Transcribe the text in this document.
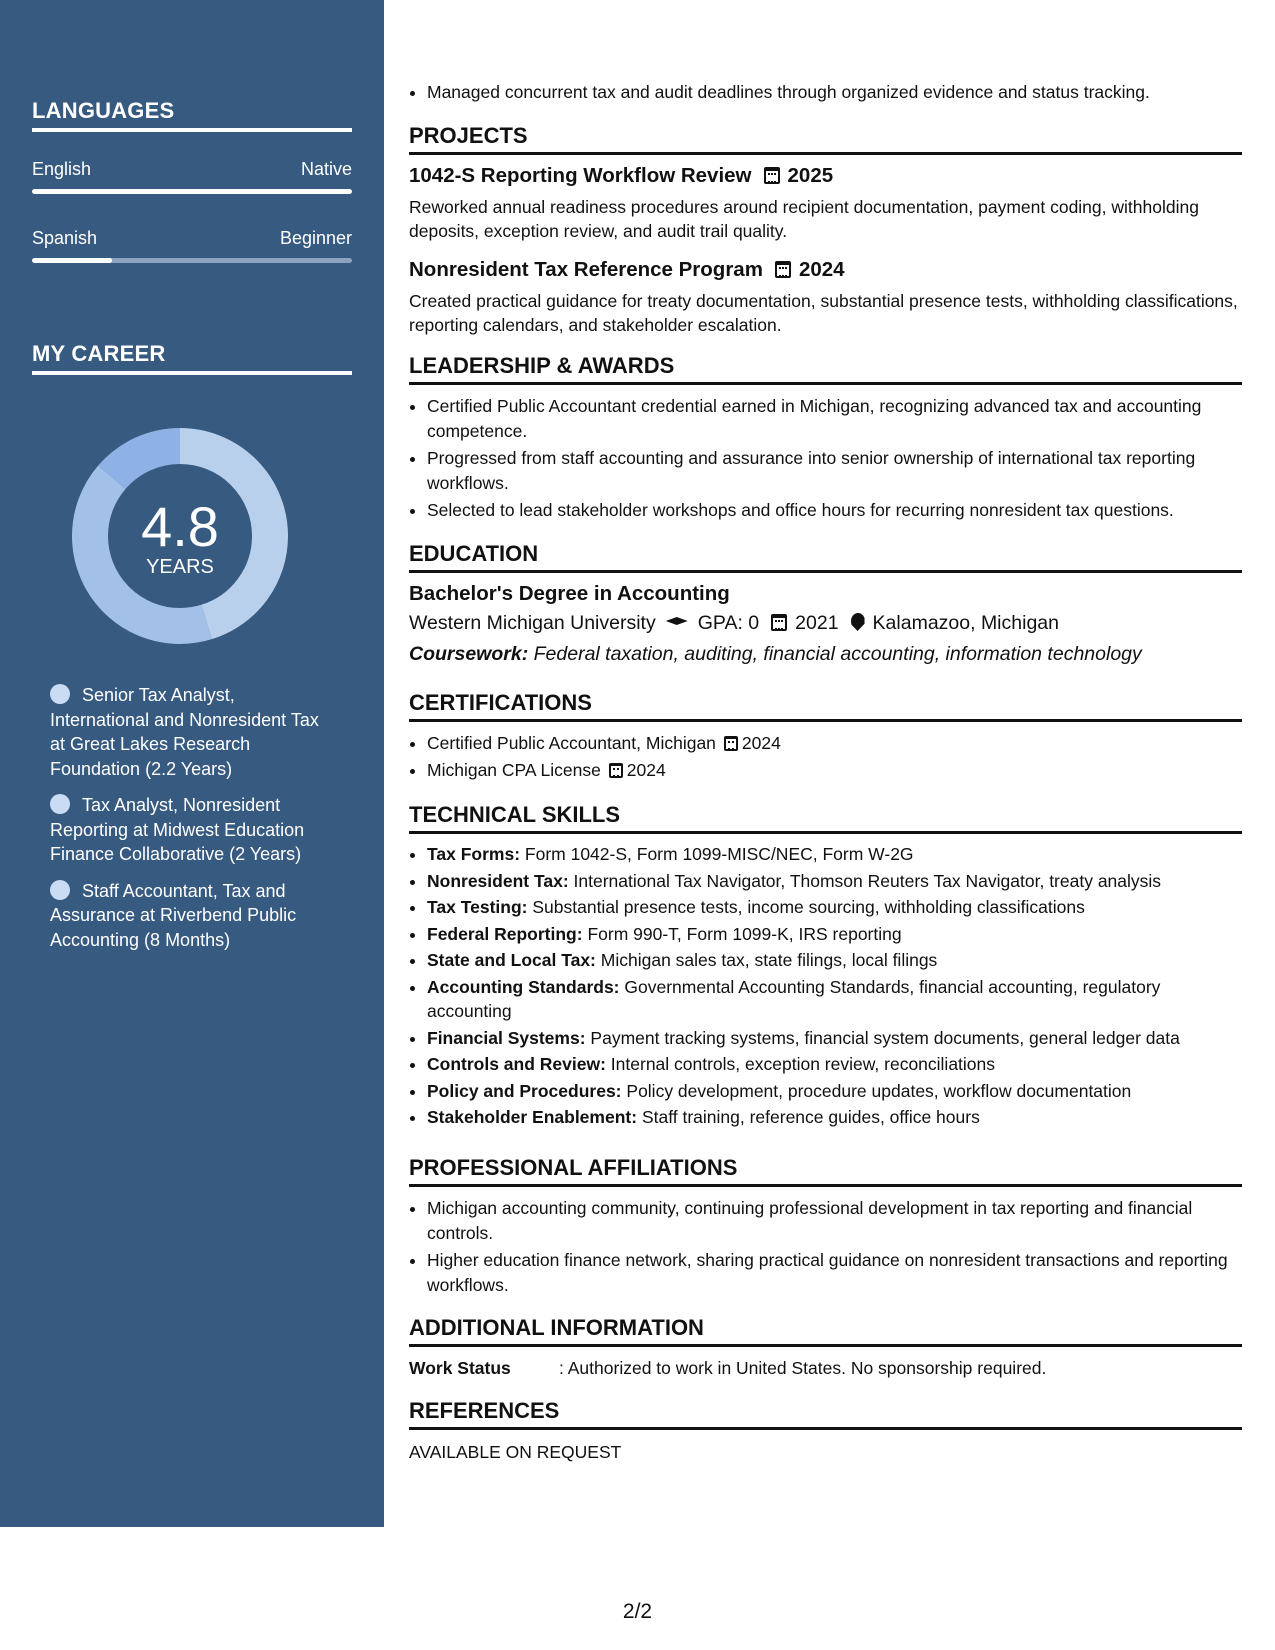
LANGUAGES
English	Native
Spanish	Beginner
MY CAREER
4.8
YEARS
Senior Tax Analyst, International and Nonresident Tax at Great Lakes Research Foundation (2.2 Years)
Tax Analyst, Nonresident Reporting at Midwest Education Finance Collaborative (2 Years)
Staff Accountant, Tax and Assurance at Riverbend Public Accounting (8 Months)
• Managed concurrent tax and audit deadlines through organized evidence and status tracking.
PROJECTS
1042-S Reporting Workflow Review 2025
Reworked annual readiness procedures around recipient documentation, payment coding, withholding deposits, exception review, and audit trail quality.
Nonresident Tax Reference Program 2024
Created practical guidance for treaty documentation, substantial presence tests, withholding classifications, reporting calendars, and stakeholder escalation.
LEADERSHIP & AWARDS
• Certified Public Accountant credential earned in Michigan, recognizing advanced tax and accounting competence.
• Progressed from staff accounting and assurance into senior ownership of international tax reporting workflows.
• Selected to lead stakeholder workshops and office hours for recurring nonresident tax questions.
EDUCATION
Bachelor's Degree in Accounting
Western Michigan University GPA: 0 2021 Kalamazoo, Michigan
Coursework: Federal taxation, auditing, financial accounting, information technology
CERTIFICATIONS
• Certified Public Accountant, Michigan 2024
• Michigan CPA License 2024
TECHNICAL SKILLS
• Tax Forms: Form 1042-S, Form 1099-MISC/NEC, Form W-2G
• Nonresident Tax: International Tax Navigator, Thomson Reuters Tax Navigator, treaty analysis
• Tax Testing: Substantial presence tests, income sourcing, withholding classifications
• Federal Reporting: Form 990-T, Form 1099-K, IRS reporting
• State and Local Tax: Michigan sales tax, state filings, local filings
• Accounting Standards: Governmental Accounting Standards, financial accounting, regulatory accounting
• Financial Systems: Payment tracking systems, financial system documents, general ledger data
• Controls and Review: Internal controls, exception review, reconciliations
• Policy and Procedures: Policy development, procedure updates, workflow documentation
• Stakeholder Enablement: Staff training, reference guides, office hours
PROFESSIONAL AFFILIATIONS
• Michigan accounting community, continuing professional development in tax reporting and financial controls.
• Higher education finance network, sharing practical guidance on nonresident transactions and reporting workflows.
ADDITIONAL INFORMATION
Work Status	: Authorized to work in United States. No sponsorship required.
REFERENCES
AVAILABLE ON REQUEST
2/2
